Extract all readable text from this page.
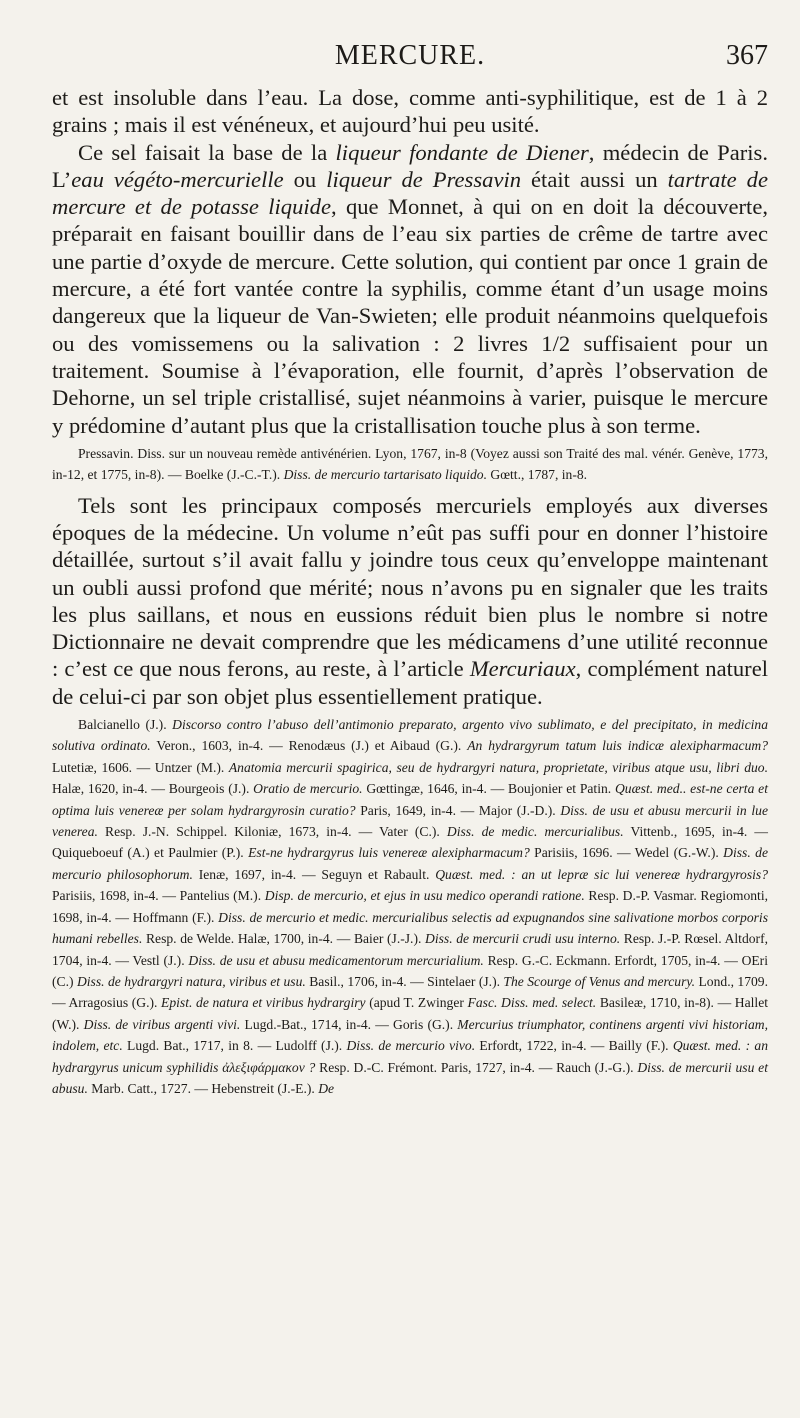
MERCURE.	367

et est insoluble dans l’eau. La dose, comme anti-syphilitique, est de 1 à 2 grains ; mais il est vénéneux, et aujourd’hui peu usité.

Ce sel faisait la base de la liqueur fondante de Diener, médecin de Paris. L’eau végéto-mercurielle ou liqueur de Pressavin était aussi un tartrate de mercure et de potasse liquide, que Monnet, à qui on en doit la découverte, préparait en faisant bouillir dans de l’eau six parties de crême de tartre avec une partie d’oxyde de mercure. Cette solution, qui contient par once 1 grain de mercure, a été fort vantée contre la syphilis, comme étant d’un usage moins dangereux que la liqueur de Van-Swieten; elle produit néanmoins quelquefois ou des vomissemens ou la salivation : 2 livres 1/2 suffisaient pour un traitement. Soumise à l’évaporation, elle fournit, d’après l’observation de Dehorne, un sel triple cristallisé, sujet néanmoins à varier, puisque le mercure y prédomine d’autant plus que la cristallisation touche plus à son terme.

Pressavin. Diss. sur un nouveau remède antivénérien. Lyon, 1767, in-8 (Voyez aussi son Traité des mal. vénér. Genève, 1773, in-12, et 1775, in-8). — Boelke (J.-C.-T.). Diss. de mercurio tartarisato liquido. Gœtt., 1787, in-8.

Tels sont les principaux composés mercuriels employés aux diverses époques de la médecine. Un volume n’eût pas suffi pour en donner l’histoire détaillée, surtout s’il avait fallu y joindre tous ceux qu’enveloppe maintenant un oubli aussi profond que mérité; nous n’avons pu en signaler que les traits les plus saillans, et nous en eussions réduit bien plus le nombre si notre Dictionnaire ne devait comprendre que les médicamens d’une utilité reconnue : c’est ce que nous ferons, au reste, à l’article Mercuriaux, complément naturel de celui-ci par son objet plus essentiellement pratique.

Balcianello (J.). Discorso contro l’abuso dell’antimonio preparato, argento vivo sublimato, e del precipitato, in medicina solutiva ordinato. Veron., 1603, in-4. — Renodæus (J.) et Aibaud (G.). An hydrargyrum tatum luis indicæ alexipharmacum? Lutetiæ, 1606. — Untzer (M.). Anatomia mercurii spagirica, seu de hydrargyri natura, proprietate, viribus atque usu, libri duo. Halæ, 1620, in-4. — Bourgeois (J.). Oratio de mercurio. Gœttingæ, 1646, in-4. — Boujonier et Patin. Quæst. med.. est-ne certa et optima luis venereæ per solam hydrargyrosin curatio? Paris, 1649, in-4. — Major (J.-D.). Diss. de usu et abusu mercurii in lue venerea. Resp. J.-N. Schippel. Kiloniæ, 1673, in-4. — Vater (C.). Diss. de medic. mercurialibus. Vittenb., 1695, in-4. — Quiqueboeuf (A.) et Paulmier (P.). Est-ne hydrargyrus luis venereæ alexipharmacum? Parisiis, 1696. — Wedel (G.-W.). Diss. de mercurio philosophorum. Ienæ, 1697, in-4. — Seguyn et Rabault. Quæst. med. : an ut lepræ sic lui venereæ hydrargyrosis? Parisiis, 1698, in-4. — Pantelius (M.). Disp. de mercurio, et ejus in usu medico operandi ratione. Resp. D.-P. Vasmar. Regiomonti, 1698, in-4. — Hoffmann (F.). Diss. de mercurio et medic. mercurialibus selectis ad expugnandos sine salivatione morbos corporis humani rebelles. Resp. de Welde. Halæ, 1700, in-4. — Baier (J.-J.). Diss. de mercurii crudi usu interno. Resp. J.-P. Rœsel. Altdorf, 1704, in-4. — Vestl (J.). Diss. de usu et abusu medicamentorum mercurialium. Resp. G.-C. Eckmann. Erfordt, 1705, in-4. — OEri (C.) Diss. de hydrargyri natura, viribus et usu. Basil., 1706, in-4. — Sintelaer (J.). The Scourge of Venus and mercury. Lond., 1709. — Arragosius (G.). Epist. de natura et viribus hydrargiry (apud T. Zwinger Fasc. Diss. med. select. Basileæ, 1710, in-8). — Hallet (W.). Diss. de viribus argenti vivi. Lugd.-Bat., 1714, in-4. — Goris (G.). Mercurius triumphator, continens argenti vivi historiam, indolem, etc. Lugd. Bat., 1717, in 8. — Ludolff (J.). Diss. de mercurio vivo. Erfordt, 1722, in-4. — Bailly (F.). Quæst. med. : an hydrargyrus unicum syphilidis ἀλεξιφάρμακον ? Resp. D.-C. Frémont. Paris, 1727, in-4. — Rauch (J.-G.). Diss. de mercurii usu et abusu. Marb. Catt., 1727. — Hebenstreit (J.-E.). De
